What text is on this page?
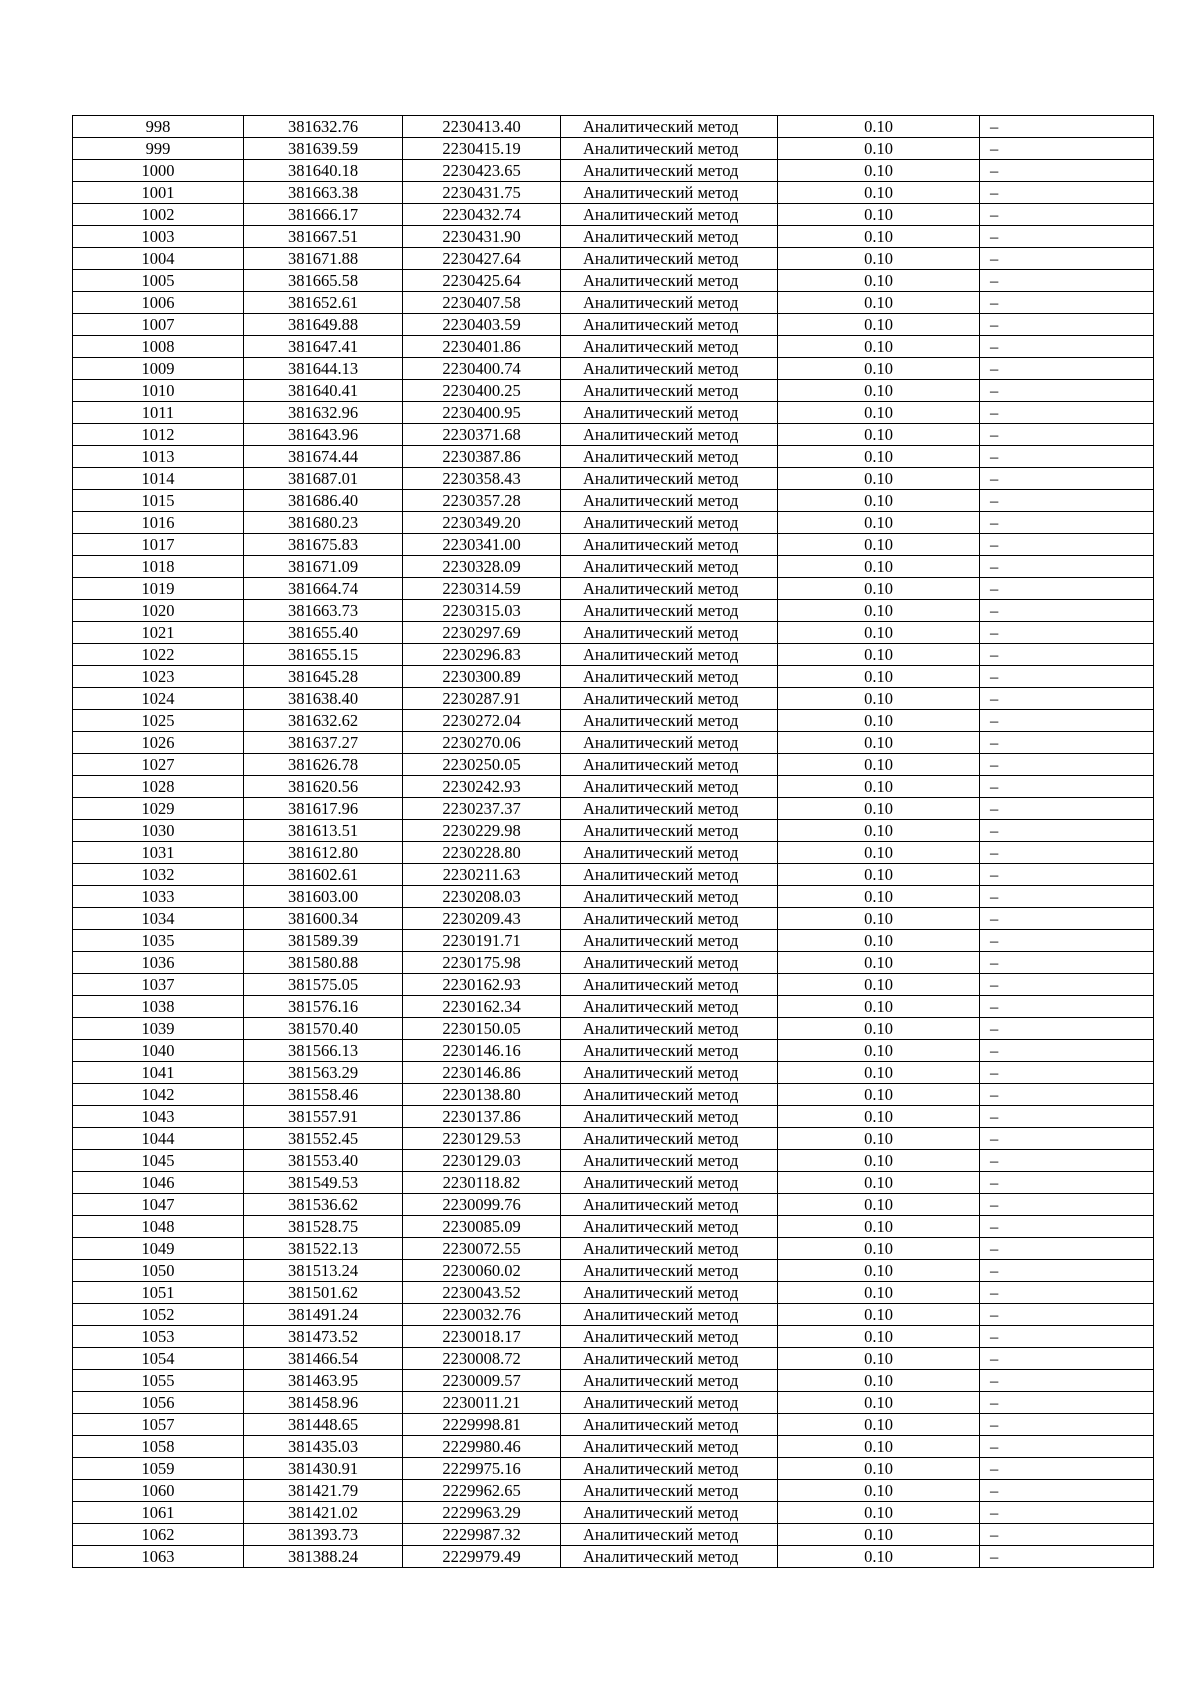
998	381632.76	2230413.40	Аналитический метод	0.10	–
999	381639.59	2230415.19	Аналитический метод	0.10	–
1000	381640.18	2230423.65	Аналитический метод	0.10	–
1001	381663.38	2230431.75	Аналитический метод	0.10	–
1002	381666.17	2230432.74	Аналитический метод	0.10	–
1003	381667.51	2230431.90	Аналитический метод	0.10	–
1004	381671.88	2230427.64	Аналитический метод	0.10	–
1005	381665.58	2230425.64	Аналитический метод	0.10	–
1006	381652.61	2230407.58	Аналитический метод	0.10	–
1007	381649.88	2230403.59	Аналитический метод	0.10	–
1008	381647.41	2230401.86	Аналитический метод	0.10	–
1009	381644.13	2230400.74	Аналитический метод	0.10	–
1010	381640.41	2230400.25	Аналитический метод	0.10	–
1011	381632.96	2230400.95	Аналитический метод	0.10	–
1012	381643.96	2230371.68	Аналитический метод	0.10	–
1013	381674.44	2230387.86	Аналитический метод	0.10	–
1014	381687.01	2230358.43	Аналитический метод	0.10	–
1015	381686.40	2230357.28	Аналитический метод	0.10	–
1016	381680.23	2230349.20	Аналитический метод	0.10	–
1017	381675.83	2230341.00	Аналитический метод	0.10	–
1018	381671.09	2230328.09	Аналитический метод	0.10	–
1019	381664.74	2230314.59	Аналитический метод	0.10	–
1020	381663.73	2230315.03	Аналитический метод	0.10	–
1021	381655.40	2230297.69	Аналитический метод	0.10	–
1022	381655.15	2230296.83	Аналитический метод	0.10	–
1023	381645.28	2230300.89	Аналитический метод	0.10	–
1024	381638.40	2230287.91	Аналитический метод	0.10	–
1025	381632.62	2230272.04	Аналитический метод	0.10	–
1026	381637.27	2230270.06	Аналитический метод	0.10	–
1027	381626.78	2230250.05	Аналитический метод	0.10	–
1028	381620.56	2230242.93	Аналитический метод	0.10	–
1029	381617.96	2230237.37	Аналитический метод	0.10	–
1030	381613.51	2230229.98	Аналитический метод	0.10	–
1031	381612.80	2230228.80	Аналитический метод	0.10	–
1032	381602.61	2230211.63	Аналитический метод	0.10	–
1033	381603.00	2230208.03	Аналитический метод	0.10	–
1034	381600.34	2230209.43	Аналитический метод	0.10	–
1035	381589.39	2230191.71	Аналитический метод	0.10	–
1036	381580.88	2230175.98	Аналитический метод	0.10	–
1037	381575.05	2230162.93	Аналитический метод	0.10	–
1038	381576.16	2230162.34	Аналитический метод	0.10	–
1039	381570.40	2230150.05	Аналитический метод	0.10	–
1040	381566.13	2230146.16	Аналитический метод	0.10	–
1041	381563.29	2230146.86	Аналитический метод	0.10	–
1042	381558.46	2230138.80	Аналитический метод	0.10	–
1043	381557.91	2230137.86	Аналитический метод	0.10	–
1044	381552.45	2230129.53	Аналитический метод	0.10	–
1045	381553.40	2230129.03	Аналитический метод	0.10	–
1046	381549.53	2230118.82	Аналитический метод	0.10	–
1047	381536.62	2230099.76	Аналитический метод	0.10	–
1048	381528.75	2230085.09	Аналитический метод	0.10	–
1049	381522.13	2230072.55	Аналитический метод	0.10	–
1050	381513.24	2230060.02	Аналитический метод	0.10	–
1051	381501.62	2230043.52	Аналитический метод	0.10	–
1052	381491.24	2230032.76	Аналитический метод	0.10	–
1053	381473.52	2230018.17	Аналитический метод	0.10	–
1054	381466.54	2230008.72	Аналитический метод	0.10	–
1055	381463.95	2230009.57	Аналитический метод	0.10	–
1056	381458.96	2230011.21	Аналитический метод	0.10	–
1057	381448.65	2229998.81	Аналитический метод	0.10	–
1058	381435.03	2229980.46	Аналитический метод	0.10	–
1059	381430.91	2229975.16	Аналитический метод	0.10	–
1060	381421.79	2229962.65	Аналитический метод	0.10	–
1061	381421.02	2229963.29	Аналитический метод	0.10	–
1062	381393.73	2229987.32	Аналитический метод	0.10	–
1063	381388.24	2229979.49	Аналитический метод	0.10	–
